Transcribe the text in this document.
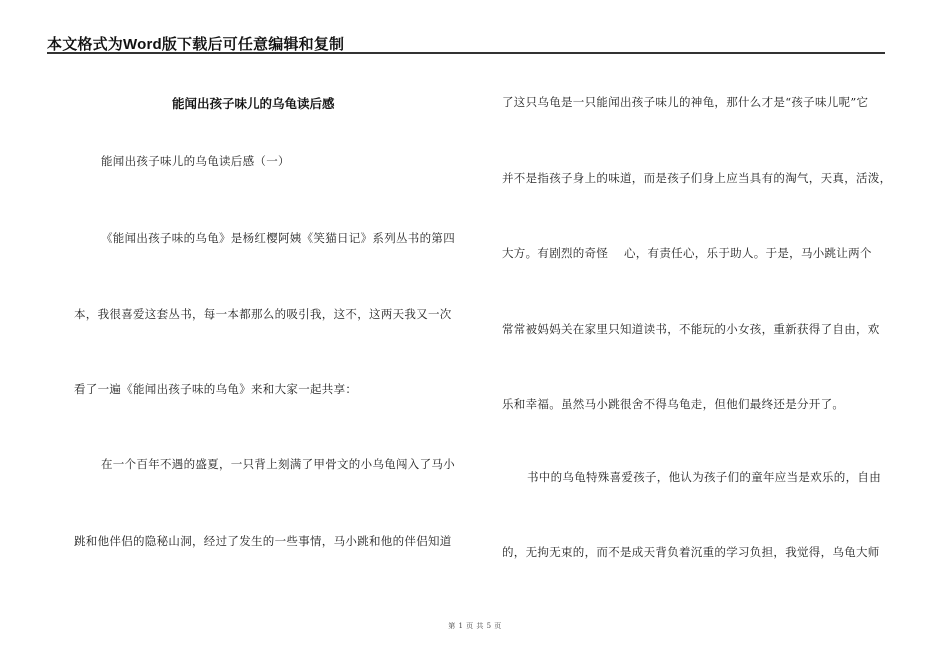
本文格式为Word版下载后可任意编辑和复制
能闻出孩子味儿的乌龟读后感
能闻出孩子味儿的乌龟读后感（一）
《能闻出孩子味的乌龟》是杨红樱阿姨《笑猫日记》系列丛书的第四
本，我很喜爱这套丛书，每一本都那么的吸引我，这不，这两天我又一次
看了一遍《能闻出孩子味的乌龟》来和大家一起共享：
在一个百年不遇的盛夏，一只背上刻满了甲骨文的小乌龟闯入了马小
跳和他伴侣的隐秘山洞，经过了发生的一些事情，马小跳和他的伴侣知道
了这只乌龟是一只能闻出孩子味儿的神龟，那什么才是“孩子味儿呢”它
并不是指孩子身上的味道，而是孩子们身上应当具有的淘气，天真，活泼，
大方。有剧烈的奇怪　 心，有责任心，乐于助人。于是，马小跳让两个
常常被妈妈关在家里只知道读书，不能玩的小女孩，重新获得了自由，欢
乐和幸福。虽然马小跳很舍不得乌龟走，但他们最终还是分开了。
书中的乌龟特殊喜爱孩子，他认为孩子们的童年应当是欢乐的，自由
的，无拘无束的，而不是成天背负着沉重的学习负担，我觉得，乌龟大师
第 1 页 共 5 页
